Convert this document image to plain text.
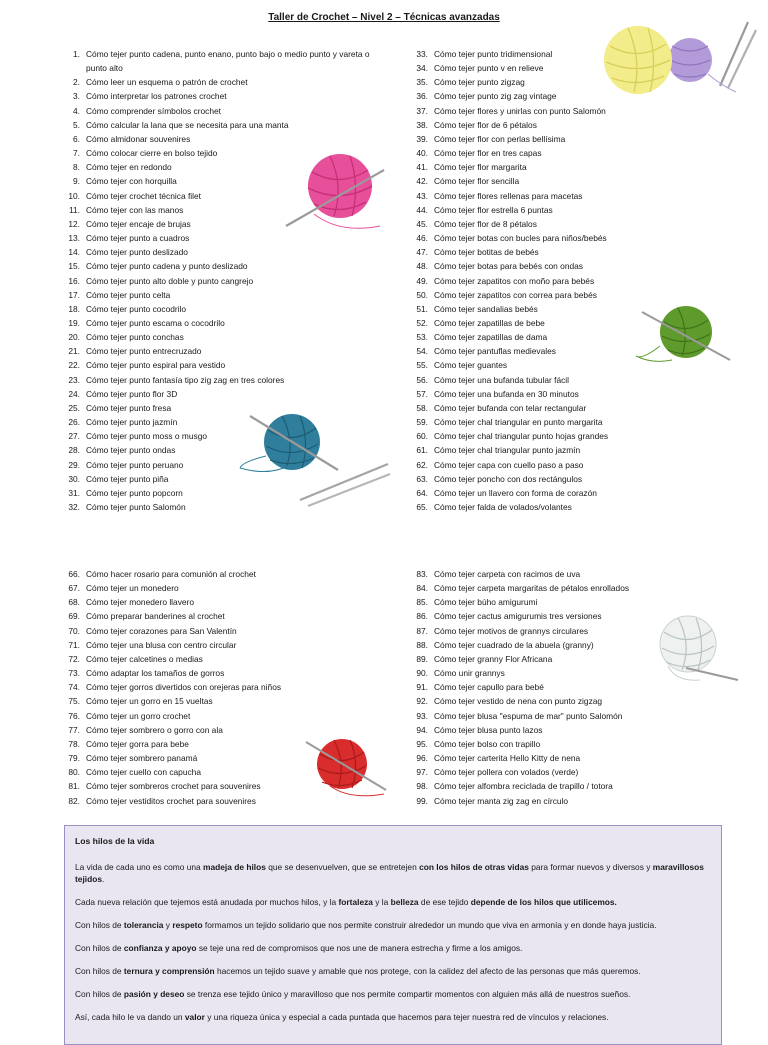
Taller de Crochet – Nivel 2 – Técnicas avanzadas
1. Cómo tejer punto cadena, punto enano, punto bajo o medio punto y vareta o punto alto
2. Cómo leer un esquema o patrón de crochet
3. Cómo interpretar los patrones crochet
4. Cómo comprender símbolos crochet
5. Cómo calcular la lana que se necesita para una manta
6. Cómo almidonar souvenires
7. Cómo colocar cierre en bolso tejido
8. Cómo tejer en redondo
9. Cómo tejer con horquilla
10. Cómo tejer crochet técnica filet
11. Cómo tejer con las manos
12. Cómo tejer encaje de brujas
13. Cómo tejer punto a cuadros
14. Cómo tejer punto deslizado
15. Cómo tejer punto cadena y punto deslizado
16. Cómo tejer punto alto doble y punto cangrejo
17. Cómo tejer punto celta
18. Cómo tejer punto cocodrilo
19. Cómo tejer punto escama o cocodrilo
20. Cómo tejer punto conchas
21. Cómo tejer punto entrecruzado
22. Cómo tejer punto espiral para vestido
23. Cómo tejer punto fantasía tipo zig zag en tres colores
24. Cómo tejer punto flor 3D
25. Cómo tejer punto fresa
26. Cómo tejer punto jazmín
27. Cómo tejer punto moss o musgo
28. Cómo tejer punto ondas
29. Cómo tejer punto peruano
30. Cómo tejer punto piña
31. Cómo tejer punto popcorn
32. Cómo tejer punto Salomón
33. Cómo tejer punto tridimensional
34. Cómo tejer punto v en relieve
35. Cómo tejer punto zigzag
36. Cómo tejer punto zig zag vintage
37. Cómo tejer flores y unirlas con punto Salomón
38. Cómo tejer flor de 6 pétalos
39. Cómo tejer flor con perlas bellísima
40. Cómo tejer flor en tres capas
41. Cómo tejer flor margarita
42. Cómo tejer flor sencilla
43. Cómo tejer flores rellenas para macetas
44. Cómo tejer flor estrella 6 puntas
45. Cómo tejer flor de 8 pétalos
46. Cómo tejer botas con bucles para niños/bebés
47. Cómo tejer botitas de bebés
48. Cómo tejer botas para bebés con ondas
49. Cómo tejer zapatitos con moño para bebés
50. Cómo tejer zapatitos con correa para bebés
51. Cómo tejer sandalias bebés
52. Cómo tejer zapatillas de bebe
53. Cómo tejer zapatillas de dama
54. Cómo tejer pantuflas medievales
55. Cómo tejer guantes
56. Cómo tejer una bufanda tubular fácil
57. Cómo tejer una bufanda en 30 minutos
58. Cómo tejer bufanda con telar rectangular
59. Cómo tejer chal triangular en punto margarita
60. Cómo tejer chal triangular punto hojas grandes
61. Cómo tejer chal triangular punto jazmín
62. Cómo tejer capa con cuello paso a paso
63. Cómo tejer poncho con dos rectángulos
64. Cómo tejer un llavero con forma de corazón
65. Cómo tejer falda de volados/volantes
66. Cómo hacer rosario para comunión al crochet
67. Cómo tejer un monedero
68. Cómo tejer monedero llavero
69. Cómo preparar banderines al crochet
70. Cómo tejer corazones para San Valentín
71. Cómo tejer una blusa con centro circular
72. Cómo tejer calcetines o medias
73. Cómo adaptar los tamaños de gorros
74. Cómo tejer gorros divertidos con orejeras para niños
75. Cómo tejer un gorro en 15 vueltas
76. Cómo tejer un gorro crochet
77. Cómo tejer sombrero o gorro con ala
78. Cómo tejer gorra para bebe
79. Cómo tejer sombrero panamá
80. Cómo tejer cuello con capucha
81. Cómo tejer sombreros crochet para souvenires
82. Cómo tejer vestiditos crochet para souvenires
83. Cómo tejer carpeta con racimos de uva
84. Cómo tejer carpeta margaritas de pétalos enrollados
85. Cómo tejer búho amigurumi
86. Cómo tejer cactus amigurumis tres versiones
87. Cómo tejer motivos de grannys circulares
88. Cómo tejer cuadrado de la abuela (granny)
89. Cómo tejer granny Flor Africana
90. Cómo unir grannys
91. Cómo tejer capullo para bebé
92. Cómo tejer vestido de nena con punto zigzag
93. Cómo tejer blusa "espuma de mar" punto Salomón
94. Cómo tejer blusa punto lazos
95. Cómo tejer bolso con trapillo
96. Cómo tejer carterita Hello Kitty de nena
97. Cómo tejer pollera con volados (verde)
98. Cómo tejer alfombra reciclada de trapillo / totora
99. Cómo tejer manta zig zag en círculo
Los hilos de la vida

La vida de cada uno es como una madeja de hilos que se desenvuelven, que se entretejen con los hilos de otras vidas para formar nuevos y diversos y maravillosos tejidos.

Cada nueva relación que tejemos está anudada por muchos hilos, y la fortaleza y la belleza de ese tejido depende de los hilos que utilicemos.

Con hilos de tolerancia y respeto formamos un tejido solidario que nos permite construir alrededor un mundo que viva en armonía y en donde haya justicia.

Con hilos de confianza y apoyo se teje una red de compromisos que nos une de manera estrecha y firme a los amigos.

Con hilos de ternura y comprensión hacemos un tejido suave y amable que nos protege, con la calidez del afecto de las personas que más queremos.

Con hilos de pasión y deseo se trenza ese tejido único y maravilloso que nos permite compartir momentos con alguien más allá de nuestros sueños.

Así, cada hilo le va dando un valor y una riqueza única y especial a cada puntada que hacemos para tejer nuestra red de vínculos y relaciones.
